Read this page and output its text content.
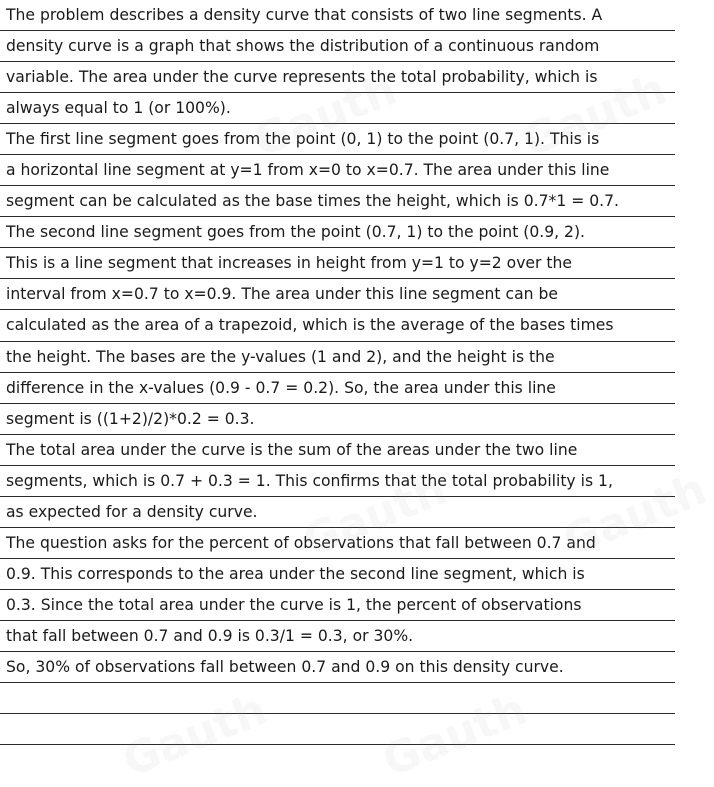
The problem describes a density curve that consists of two line segments. A
density curve is a graph that shows the distribution of a continuous random
variable. The area under the curve represents the total probability, which is
always equal to 1 (or 100%).
The first line segment goes from the point (0, 1) to the point (0.7, 1). This is
a horizontal line segment at y=1 from x=0 to x=0.7. The area under this line
segment can be calculated as the base times the height, which is 0.7*1 = 0.7.
The second line segment goes from the point (0.7, 1) to the point (0.9, 2).
This is a line segment that increases in height from y=1 to y=2 over the
interval from x=0.7 to x=0.9. The area under this line segment can be
calculated as the area of a trapezoid, which is the average of the bases times
the height. The bases are the y-values (1 and 2), and the height is the
difference in the x-values (0.9 - 0.7 = 0.2). So, the area under this line
segment is ((1+2)/2)*0.2 = 0.3.
The total area under the curve is the sum of the areas under the two line
segments, which is 0.7 + 0.3 = 1. This confirms that the total probability is 1,
as expected for a density curve.
The question asks for the percent of observations that fall between 0.7 and
0.9. This corresponds to the area under the second line segment, which is
0.3. Since the total area under the curve is 1, the percent of observations
that fall between 0.7 and 0.9 is 0.3/1 = 0.3, or 30%.
So, 30% of observations fall between 0.7 and 0.9 on this density curve.
Gauth	Gauth
Gauth Gauth
Gauth Gauth
